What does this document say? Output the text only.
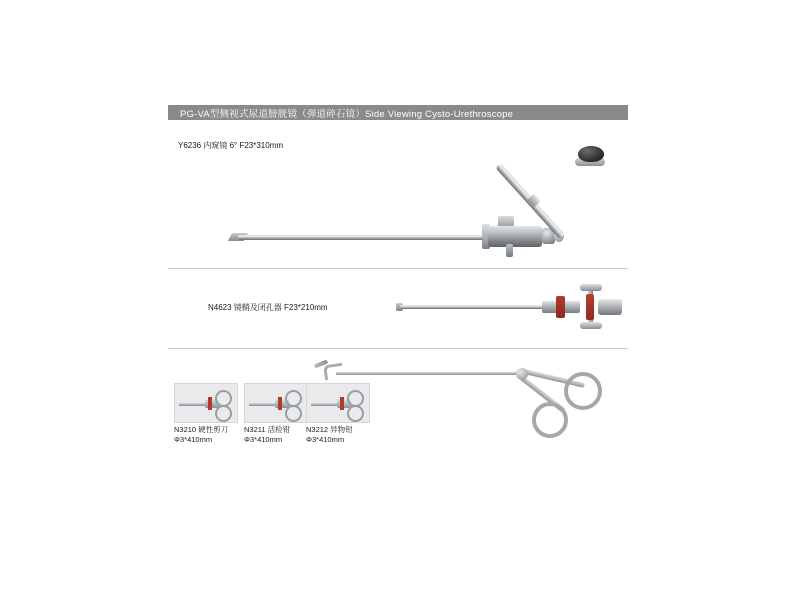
PG-VA型侧视式尿道膀胱镜（弹道碎石镜）Side Viewing Cysto-Urethroscope
Y6236 内窥镜 6° F23*310mm
N4623 镜鞘及闭孔器 F23*210mm
N3210 硬性剪刀
Φ3*410mm
N3211 活检钳
Φ3*410mm
N3212 异物钳
Φ3*410mm
